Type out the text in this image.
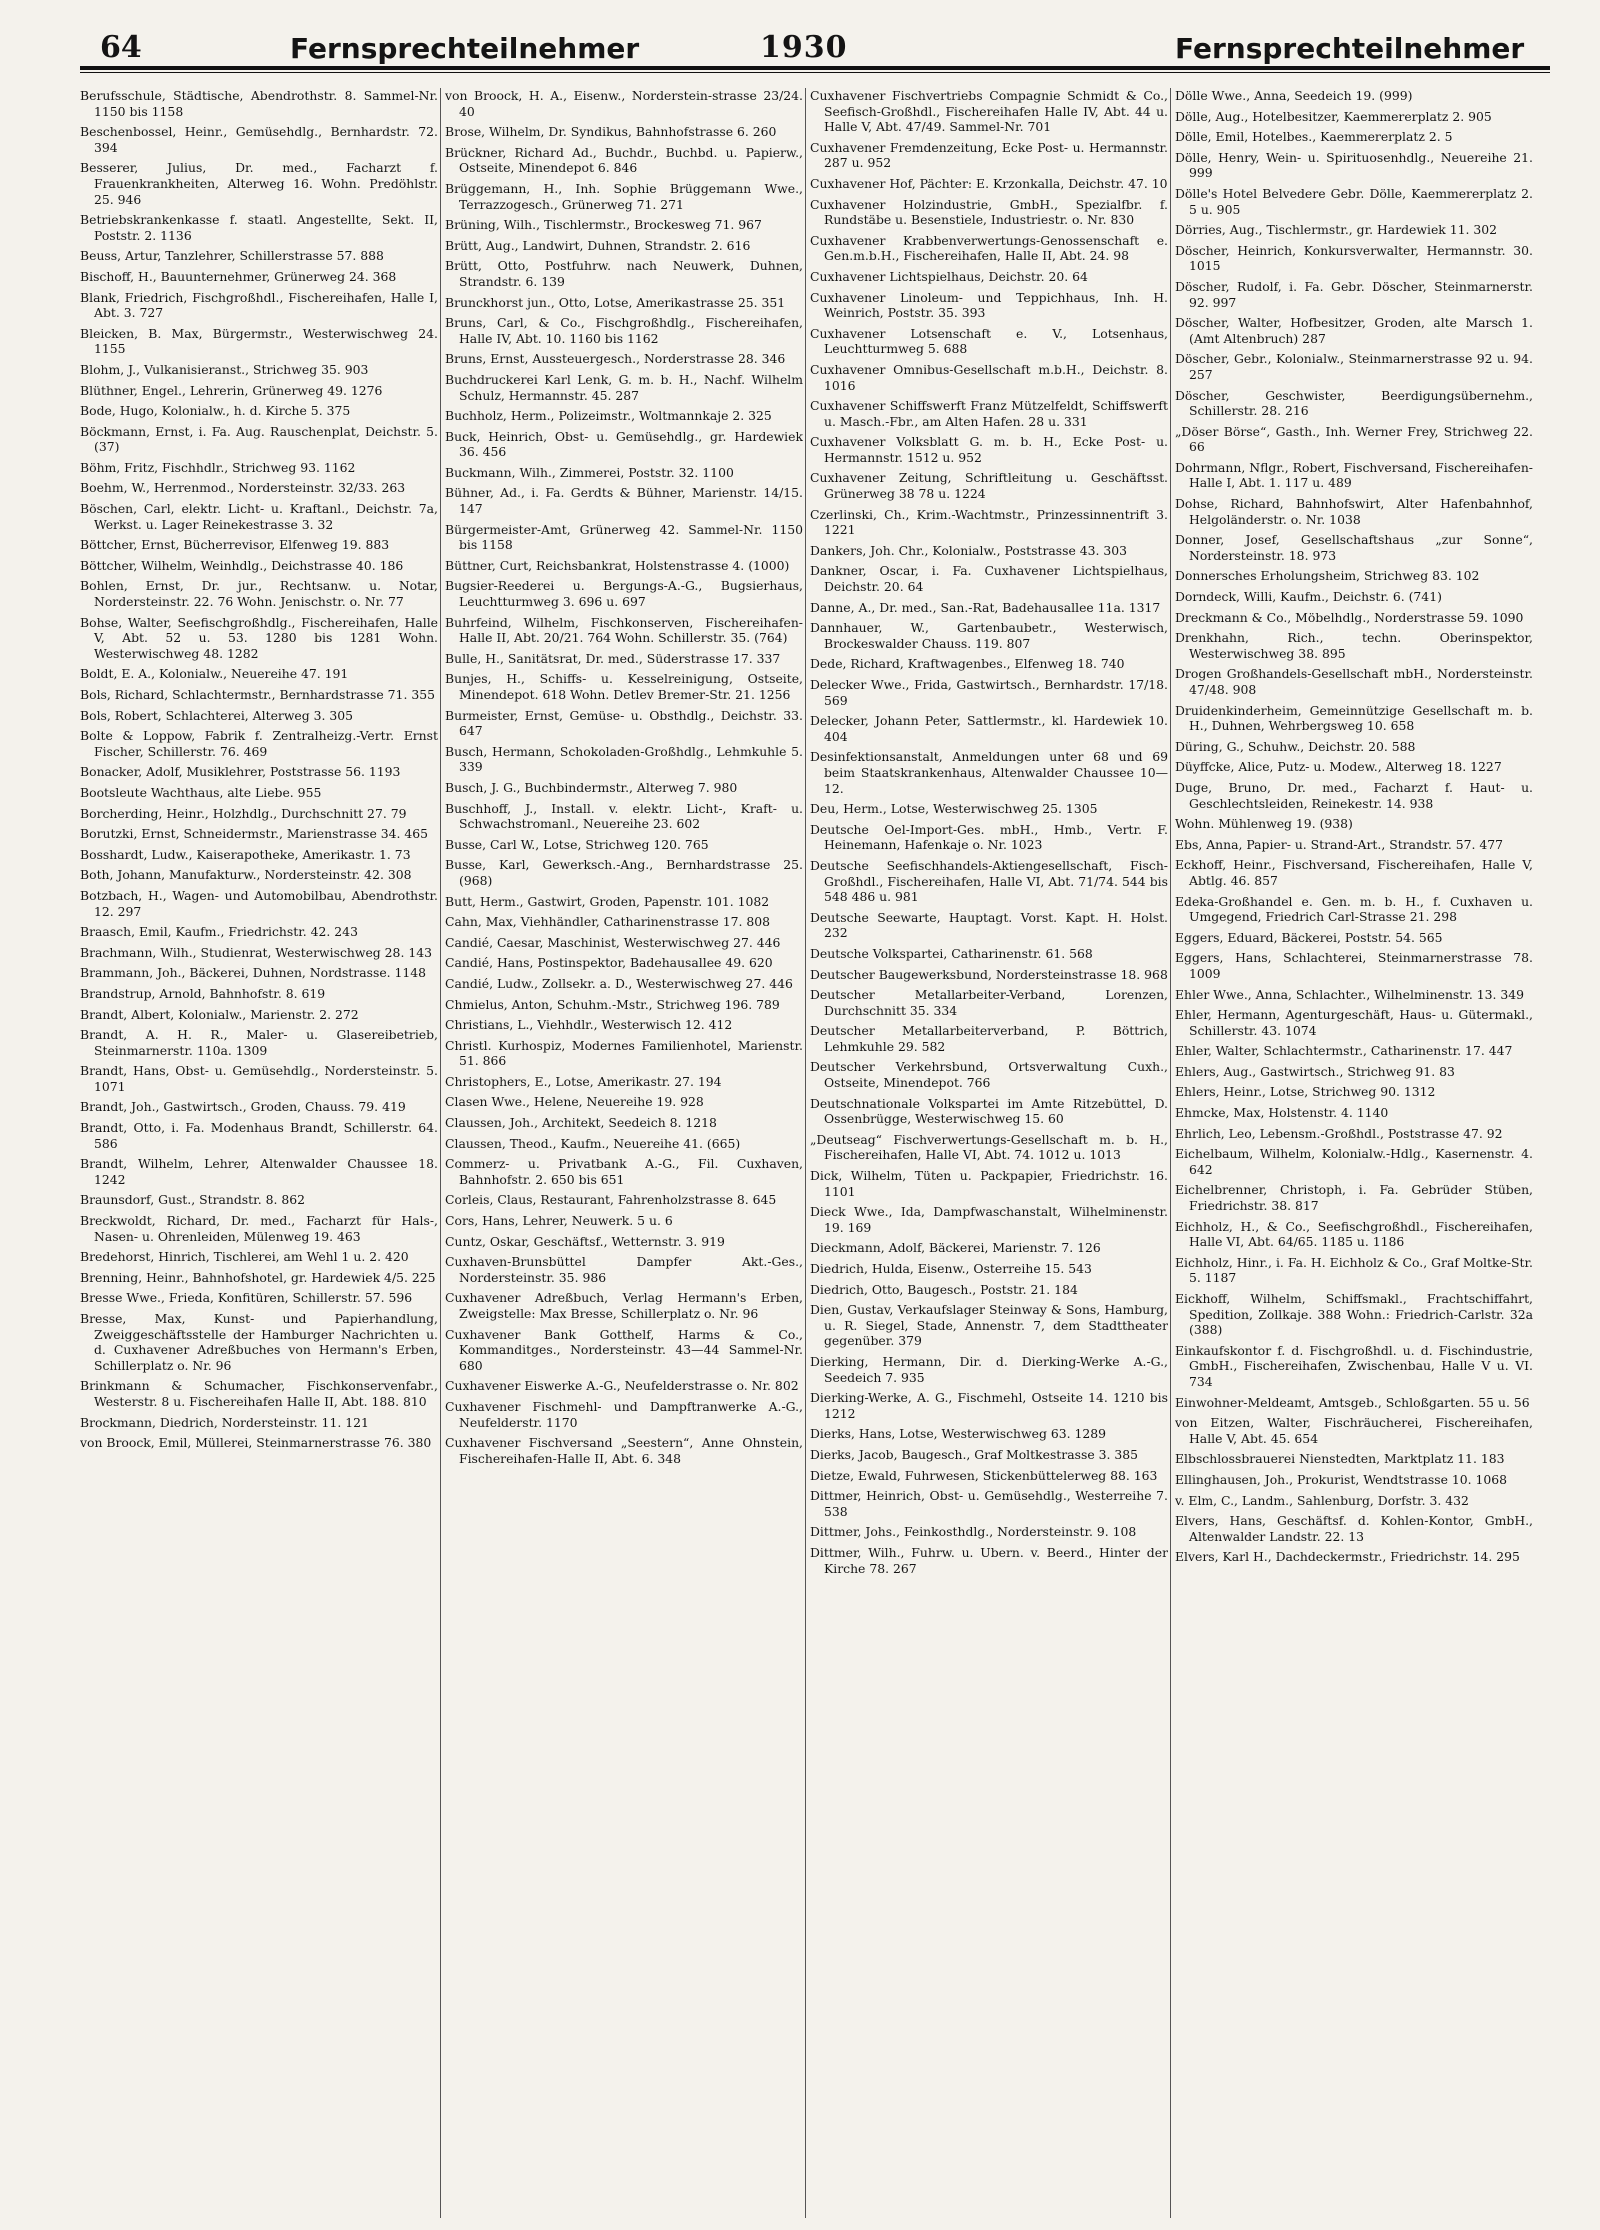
64	Fernsprechteilnehmer	1930	Fernsprechteilnehmer
Berufsschule, Städtische, Abendrothstr. 8. Sammel-Nr. 1150 bis 1158
Beschenbossel, Heinr., Gemüsehdlg., Bernhardstr. 72. 394
Besserer, Julius, Dr. med., Facharzt f. Frauenkrankheiten, Alterweg 16. Wohn. Predöhlstr. 25. 946
Betriebskrankenkasse f. staatl. Angestellte, Sekt. II, Poststr. 2. 1136
Beuss, Artur, Tanzlehrer, Schillerstrasse 57. 888
Bischoff, H., Bauunternehmer, Grünerweg 24. 368
Blank, Friedrich, Fischgroßhdl., Fischereihafen, Halle I, Abt. 3. 727
Bleicken, B. Max, Bürgermstr., Westerwischweg 24. 1155
Blohm, J., Vulkanisieranst., Strichweg 35. 903
Blüthner, Engel., Lehrerin, Grünerweg 49. 1276
Bode, Hugo, Kolonialw., h. d. Kirche 5. 375
Böckmann, Ernst, i. Fa. Aug. Rauschenplat, Deichstr. 5. (37)
Böhm, Fritz, Fischhdlr., Strichweg 93. 1162
Boehm, W., Herrenmod., Nordersteinstr. 32/33. 263
Böschen, Carl, elektr. Licht- u. Kraftanl., Deichstr. 7a, Werkst. u. Lager Reinekestrasse 3. 32
Böttcher, Ernst, Bücherrevisor, Elfenweg 19. 883
Böttcher, Wilhelm, Weinhdlg., Deichstrasse 40. 186
Bohlen, Ernst, Dr. jur., Rechtsanw. u. Notar, Nordersteinstr. 22. 76 Wohn. Jenischstr. o. Nr. 77
Bohse, Walter, Seefischgroßhdlg., Fischereihafen, Halle V, Abt. 52 u. 53. 1280 bis 1281 Wohn. Westerwischweg 48. 1282
Boldt, E. A., Kolonialw., Neuereihe 47. 191
Bols, Richard, Schlachtermstr., Bernhardstrasse 71. 355
Bols, Robert, Schlachterei, Alterweg 3. 305
Bolte & Loppow, Fabrik f. Zentralheizg.-Vertr. Ernst Fischer, Schillerstr. 76. 469
Bonacker, Adolf, Musiklehrer, Poststrasse 56. 1193
Bootsleute Wachthaus, alte Liebe. 955
Borcherding, Heinr., Holzhdlg., Durchschnitt 27. 79
Borutzki, Ernst, Schneidermstr., Marienstrasse 34. 465
Bosshardt, Ludw., Kaiserapotheke, Amerikastr. 1. 73
Both, Johann, Manufakturw., Nordersteinstr. 42. 308
Botzbach, H., Wagen- und Automobilbau, Abendrothstr. 12. 297
Braasch, Emil, Kaufm., Friedrichstr. 42. 243
Brachmann, Wilh., Studienrat, Westerwischweg 28. 143
Brammann, Joh., Bäckerei, Duhnen, Nordstrasse. 1148
Brandstrup, Arnold, Bahnhofstr. 8. 619
Brandt, Albert, Kolonialw., Marienstr. 2. 272
Brandt, A. H. R., Maler- u. Glasereibetrieb, Steinmarnerstr. 110a. 1309
Brandt, Hans, Obst- u. Gemüsehdlg., Nordersteinstr. 5. 1071
Brandt, Joh., Gastwirtsch., Groden, Chauss. 79. 419
Brandt, Otto, i. Fa. Modenhaus Brandt, Schillerstr. 64. 586
Brandt, Wilhelm, Lehrer, Altenwalder Chaussee 18. 1242
Braunsdorf, Gust., Strandstr. 8. 862
Breckwoldt, Richard, Dr. med., Facharzt für Hals-, Nasen- u. Ohrenleiden, Mülenweg 19. 463
Bredehorst, Hinrich, Tischlerei, am Wehl 1 u. 2. 420
Brenning, Heinr., Bahnhofshotel, gr. Hardewiek 4/5. 225
Bresse Wwe., Frieda, Konfitüren, Schillerstr. 57. 596
Bresse, Max, Kunst- und Papierhandlung, Zweiggeschäftsstelle der Hamburger Nachrichten u. d. Cuxhavener Adreßbuches von Hermann's Erben, Schillerplatz o. Nr. 96
Brinkmann & Schumacher, Fischkonservenfabr., Westerstr. 8 u. Fischereihafen Halle II, Abt. 188. 810
Brockmann, Diedrich, Nordersteinstr. 11. 121
von Broock, Emil, Müllerei, Steinmarnerstrasse 76. 380
von Broock, H. A., Eisenw., Norderstein-strasse 23/24. 40
Brose, Wilhelm, Dr. Syndikus, Bahnhofstrasse 6. 260
Brückner, Richard Ad., Buchdr., Buchbd. u. Papierw., Ostseite, Minendepot 6. 846
Brüggemann, H., Inh. Sophie Brüggemann Wwe., Terrazzogesch., Grünerweg 71. 271
Brüning, Wilh., Tischlermstr., Brockesweg 71. 967
Brütt, Aug., Landwirt, Duhnen, Strandstr. 2. 616
Brütt, Otto, Postfuhrw. nach Neuwerk, Duhnen, Strandstr. 6. 139
Brunckhorst jun., Otto, Lotse, Amerikastrasse 25. 351
Bruns, Carl, & Co., Fischgroßhdlg., Fischereihafen, Halle IV, Abt. 10. 1160 bis 1162
Bruns, Ernst, Aussteuergesch., Norderstrasse 28. 346
Buchdruckerei Karl Lenk, G. m. b. H., Nachf. Wilhelm Schulz, Hermannstr. 45. 287
Buchholz, Herm., Polizeimstr., Woltmannkaje 2. 325
Buck, Heinrich, Obst- u. Gemüsehdlg., gr. Hardewiek 36. 456
Buckmann, Wilh., Zimmerei, Poststr. 32. 1100
Bühner, Ad., i. Fa. Gerdts & Bühner, Marienstr. 14/15. 147
Bürgermeister-Amt, Grünerweg 42. Sammel-Nr. 1150 bis 1158
Büttner, Curt, Reichsbankrat, Holstenstrasse 4. (1000)
Bugsier-Reederei u. Bergungs-A.-G., Bugsierhaus, Leuchtturmweg 3. 696 u. 697
Buhrfeind, Wilhelm, Fischkonserven, Fischereihafen-Halle II, Abt. 20/21. 764 Wohn. Schillerstr. 35. (764)
Bulle, H., Sanitätsrat, Dr. med., Süderstrasse 17. 337
Bunjes, H., Schiffs- u. Kesselreinigung, Ostseite, Minendepot. 618 Wohn. Detlev Bremer-Str. 21. 1256
Burmeister, Ernst, Gemüse- u. Obsthdlg., Deichstr. 33. 647
Busch, Hermann, Schokoladen-Großhdlg., Lehmkuhle 5. 339
Busch, J. G., Buchbindermstr., Alterweg 7. 980
Buschhoff, J., Install. v. elektr. Licht-, Kraft- u. Schwachstromanl., Neuereihe 23. 602
Busse, Carl W., Lotse, Strichweg 120. 765
Busse, Karl, Gewerksch.-Ang., Bernhardstrasse 25. (968)
Butt, Herm., Gastwirt, Groden, Papenstr. 101. 1082
Cahn, Max, Viehhändler, Catharinenstrasse 17. 808
Candié, Caesar, Maschinist, Westerwischweg 27. 446
Candié, Hans, Postinspektor, Badehausallee 49. 620
Candié, Ludw., Zollsekr. a. D., Westerwischweg 27. 446
Chmielus, Anton, Schuhm.-Mstr., Strichweg 196. 789
Christians, L., Viehhdlr., Westerwisch 12. 412
Christl. Kurhospiz, Modernes Familienhotel, Marienstr. 51. 866
Christophers, E., Lotse, Amerikastr. 27. 194
Clasen Wwe., Helene, Neuereihe 19. 928
Claussen, Joh., Architekt, Seedeich 8. 1218
Claussen, Theod., Kaufm., Neuereihe 41. (665)
Commerz- u. Privatbank A.-G., Fil. Cuxhaven, Bahnhofstr. 2. 650 bis 651
Corleis, Claus, Restaurant, Fahrenholzstrasse 8. 645
Cors, Hans, Lehrer, Neuwerk. 5 u. 6
Cuntz, Oskar, Geschäftsf., Wetternstr. 3. 919
Cuxhaven-Brunsbüttel Dampfer Akt.-Ges., Nordersteinstr. 35. 986
Cuxhavener Adreßbuch, Verlag Hermann's Erben, Zweigstelle: Max Bresse, Schillerplatz o. Nr. 96
Cuxhavener Bank Gotthelf, Harms & Co., Kommanditges., Nordersteinstr. 43—44 Sammel-Nr. 680
Cuxhavener Eiswerke A.-G., Neufelderstrasse o. Nr. 802
Cuxhavener Fischmehl- und Dampftranwerke A.-G., Neufelderstr. 1170
Cuxhavener Fischversand „Seestern“, Anne Ohnstein, Fischereihafen-Halle II, Abt. 6. 348
Cuxhavener Fischvertriebs Compagnie Schmidt & Co., Seefisch-Großhdl., Fischereihafen Halle IV, Abt. 44 u. Halle V, Abt. 47/49. Sammel-Nr. 701
Cuxhavener Fremdenzeitung, Ecke Post- u. Hermannstr. 287 u. 952
Cuxhavener Hof, Pächter: E. Krzonkalla, Deichstr. 47. 10
Cuxhavener Holzindustrie, GmbH., Spezialfbr. f. Rundstäbe u. Besenstiele, Industriestr. o. Nr. 830
Cuxhavener Krabbenverwertungs-Genossenschaft e. Gen.m.b.H., Fischereihafen, Halle II, Abt. 24. 98
Cuxhavener Lichtspielhaus, Deichstr. 20. 64
Cuxhavener Linoleum- und Teppichhaus, Inh. H. Weinrich, Poststr. 35. 393
Cuxhavener Lotsenschaft e. V., Lotsenhaus, Leuchtturmweg 5. 688
Cuxhavener Omnibus-Gesellschaft m.b.H., Deichstr. 8. 1016
Cuxhavener Schiffswerft Franz Mützelfeldt, Schiffswerft u. Masch.-Fbr., am Alten Hafen. 28 u. 331
Cuxhavener Volksblatt G. m. b. H., Ecke Post- u. Hermannstr. 1512 u. 952
Cuxhavener Zeitung, Schriftleitung u. Geschäftsst. Grünerweg 38 78 u. 1224
Czerlinski, Ch., Krim.-Wachtmstr., Prinzessinnentrift 3. 1221
Dankers, Joh. Chr., Kolonialw., Poststrasse 43. 303
Dankner, Oscar, i. Fa. Cuxhavener Lichtspielhaus, Deichstr. 20. 64
Danne, A., Dr. med., San.-Rat, Badehausallee 11a. 1317
Dannhauer, W., Gartenbaubetr., Westerwisch, Brockeswalder Chauss. 119. 807
Dede, Richard, Kraftwagenbes., Elfenweg 18. 740
Delecker Wwe., Frida, Gastwirtsch., Bernhardstr. 17/18. 569
Delecker, Johann Peter, Sattlermstr., kl. Hardewiek 10. 404
Desinfektionsanstalt, Anmeldungen unter 68 und 69 beim Staatskrankenhaus, Altenwalder Chaussee 10—12.
Deu, Herm., Lotse, Westerwischweg 25. 1305
Deutsche Oel-Import-Ges. mbH., Hmb., Vertr. F. Heinemann, Hafenkaje o. Nr. 1023
Deutsche Seefischhandels-Aktiengesellschaft, Fisch-Großhdl., Fischereihafen, Halle VI, Abt. 71/74. 544 bis 548 486 u. 981
Deutsche Seewarte, Hauptagt. Vorst. Kapt. H. Holst. 232
Deutsche Volkspartei, Catharinenstr. 61. 568
Deutscher Baugewerksbund, Nordersteinstrasse 18. 968
Deutscher Metallarbeiter-Verband, Lorenzen, Durchschnitt 35. 334
Deutscher Metallarbeiterverband, P. Böttrich, Lehmkuhle 29. 582
Deutscher Verkehrsbund, Ortsverwaltung Cuxh., Ostseite, Minendepot. 766
Deutschnationale Volkspartei im Amte Ritzebüttel, D. Ossenbrügge, Westerwischweg 15. 60
„Deutseag“ Fischverwertungs-Gesellschaft m. b. H., Fischereihafen, Halle VI, Abt. 74. 1012 u. 1013
Dick, Wilhelm, Tüten u. Packpapier, Friedrichstr. 16. 1101
Dieck Wwe., Ida, Dampfwaschanstalt, Wilhelminenstr. 19. 169
Dieckmann, Adolf, Bäckerei, Marienstr. 7. 126
Diedrich, Hulda, Eisenw., Osterreihe 15. 543
Diedrich, Otto, Baugesch., Poststr. 21. 184
Dien, Gustav, Verkaufslager Steinway & Sons, Hamburg, u. R. Siegel, Stade, Annenstr. 7, dem Stadttheater gegenüber. 379
Dierking, Hermann, Dir. d. Dierking-Werke A.-G., Seedeich 7. 935
Dierking-Werke, A. G., Fischmehl, Ostseite 14. 1210 bis 1212
Dierks, Hans, Lotse, Westerwischweg 63. 1289
Dierks, Jacob, Baugesch., Graf Moltkestrasse 3. 385
Dietze, Ewald, Fuhrwesen, Stickenbüttelerweg 88. 163
Dittmer, Heinrich, Obst- u. Gemüsehdlg., Westerreihe 7. 538
Dittmer, Johs., Feinkosthdlg., Nordersteinstr. 9. 108
Dittmer, Wilh., Fuhrw. u. Ubern. v. Beerd., Hinter der Kirche 78. 267
Dölle Wwe., Anna, Seedeich 19. (999)
Dölle, Aug., Hotelbesitzer, Kaemmererplatz 2. 905
Dölle, Emil, Hotelbes., Kaemmererplatz 2. 5
Dölle, Henry, Wein- u. Spirituosenhdlg., Neuereihe 21. 999
Dölle's Hotel Belvedere Gebr. Dölle, Kaemmererplatz 2. 5 u. 905
Dörries, Aug., Tischlermstr., gr. Hardewiek 11. 302
Döscher, Heinrich, Konkursverwalter, Hermannstr. 30. 1015
Döscher, Rudolf, i. Fa. Gebr. Döscher, Steinmarnerstr. 92. 997
Döscher, Walter, Hofbesitzer, Groden, alte Marsch 1. (Amt Altenbruch) 287
Döscher, Gebr., Kolonialw., Steinmarnerstrasse 92 u. 94. 257
Döscher, Geschwister, Beerdigungsübernehm., Schillerstr. 28. 216
„Döser Börse“, Gasth., Inh. Werner Frey, Strichweg 22. 66
Dohrmann, Nflgr., Robert, Fischversand, Fischereihafen-Halle I, Abt. 1. 117 u. 489
Dohse, Richard, Bahnhofswirt, Alter Hafenbahnhof, Helgoländerstr. o. Nr. 1038
Donner, Josef, Gesellschaftshaus „zur Sonne“, Nordersteinstr. 18. 973
Donnersches Erholungsheim, Strichweg 83. 102
Dorndeck, Willi, Kaufm., Deichstr. 6. (741)
Dreckmann & Co., Möbelhdlg., Norderstrasse 59. 1090
Drenkhahn, Rich., techn. Oberinspektor, Westerwischweg 38. 895
Drogen Großhandels-Gesellschaft mbH., Nordersteinstr. 47/48. 908
Druidenkinderheim, Gemeinnützige Gesellschaft m. b. H., Duhnen, Wehrbergsweg 10. 658
Düring, G., Schuhw., Deichstr. 20. 588
Düyffcke, Alice, Putz- u. Modew., Alterweg 18. 1227
Duge, Bruno, Dr. med., Facharzt f. Haut- u. Geschlechtsleiden, Reinekestr. 14. 938
Wohn. Mühlenweg 19. (938)
Ebs, Anna, Papier- u. Strand-Art., Strandstr. 57. 477
Eckhoff, Heinr., Fischversand, Fischereihafen, Halle V, Abtlg. 46. 857
Edeka-Großhandel e. Gen. m. b. H., f. Cuxhaven u. Umgegend, Friedrich Carl-Strasse 21. 298
Eggers, Eduard, Bäckerei, Poststr. 54. 565
Eggers, Hans, Schlachterei, Steinmarnerstrasse 78. 1009
Ehler Wwe., Anna, Schlachter., Wilhelminenstr. 13. 349
Ehler, Hermann, Agenturgeschäft, Haus- u. Gütermakl., Schillerstr. 43. 1074
Ehler, Walter, Schlachtermstr., Catharinenstr. 17. 447
Ehlers, Aug., Gastwirtsch., Strichweg 91. 83
Ehlers, Heinr., Lotse, Strichweg 90. 1312
Ehmcke, Max, Holstenstr. 4. 1140
Ehrlich, Leo, Lebensm.-Großhdl., Poststrasse 47. 92
Eichelbaum, Wilhelm, Kolonialw.-Hdlg., Kasernenstr. 4. 642
Eichelbrenner, Christoph, i. Fa. Gebrüder Stüben, Friedrichstr. 38. 817
Eichholz, H., & Co., Seefischgroßhdl., Fischereihafen, Halle VI, Abt. 64/65. 1185 u. 1186
Eichholz, Hinr., i. Fa. H. Eichholz & Co., Graf Moltke-Str. 5. 1187
Eickhoff, Wilhelm, Schiffsmakl., Frachtschiffahrt, Spedition, Zollkaje. 388 Wohn.: Friedrich-Carlstr. 32a (388)
Einkaufskontor f. d. Fischgroßhdl. u. d. Fischindustrie, GmbH., Fischereihafen, Zwischenbau, Halle V u. VI. 734
Einwohner-Meldeamt, Amtsgeb., Schloßgarten. 55 u. 56
von Eitzen, Walter, Fischräucherei, Fischereihafen, Halle V, Abt. 45. 654
Elbschlossbrauerei Nienstedten, Marktplatz 11. 183
Ellinghausen, Joh., Prokurist, Wendtstrasse 10. 1068
v. Elm, C., Landm., Sahlenburg, Dorfstr. 3. 432
Elvers, Hans, Geschäftsf. d. Kohlen-Kontor, GmbH., Altenwalder Landstr. 22. 13
Elvers, Karl H., Dachdeckermstr., Friedrichstr. 14. 295
